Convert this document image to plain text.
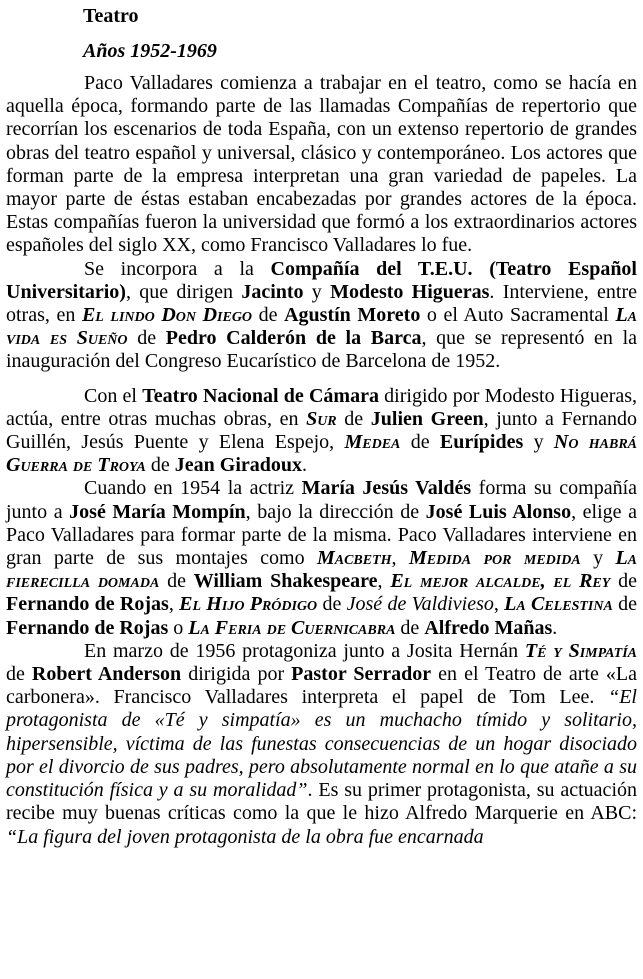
Teatro
Años 1952-1969

Paco Valladares comienza a trabajar en el teatro, como se hacía en aquella época, formando parte de las llamadas Compañías de repertorio que recorrían los escenarios de toda España, con un extenso repertorio de grandes obras del teatro español y universal, clásico y contemporáneo. Los actores que forman parte de la empresa interpretan una gran variedad de papeles. La mayor parte de éstas estaban encabezadas por grandes actores de la época. Estas compañías fueron la universidad que formó a los extraordinarios actores españoles del siglo XX, como Francisco Valladares lo fue.

Se incorpora a la Compañía del T.E.U. (Teatro Español Universitario), que dirigen Jacinto y Modesto Higueras. Interviene, entre otras, en El lindo Don Diego de Agustín Moreto o el Auto Sacramental La vida es Sueño de Pedro Calderón de la Barca, que se representó en la inauguración del Congreso Eucarístico de Barcelona de 1952.

Con el Teatro Nacional de Cámara dirigido por Modesto Higueras, actúa, entre otras muchas obras, en Sur de Julien Green, junto a Fernando Guillén, Jesús Puente y Elena Espejo, Medea de Eurípides y No habrá Guerra de Troya de Jean Giradoux.

Cuando en 1954 la actriz María Jesús Valdés forma su compañía junto a José María Mompín, bajo la dirección de José Luis Alonso, elige a Paco Valladares para formar parte de la misma. Paco Valladares interviene en gran parte de sus montajes como Macbeth, Medida por medida y La fierecilla domada de William Shakespeare, El mejor alcalde, el Rey de Fernando de Rojas, El Hijo Pródigo de José de Valdivieso, La Celestina de Fernando de Rojas o La Feria de Cuernicabra de Alfredo Mañas.

En marzo de 1956 protagoniza junto a Josita Hernán Té y Simpatía de Robert Anderson dirigida por Pastor Serrador en el Teatro de arte «La carbonera». Francisco Valladares interpreta el papel de Tom Lee. “El protagonista de «Té y simpatía» es un muchacho tímido y solitario, hipersensible, víctima de las funestas consecuencias de un hogar disociado por el divorcio de sus padres, pero absolutamente normal en lo que atañe a su constitución física y a su moralidad”. Es su primer protagonista, su actuación recibe muy buenas críticas como la que le hizo Alfredo Marquerie en ABC: “La figura del joven protagonista de la obra fue encarnada
